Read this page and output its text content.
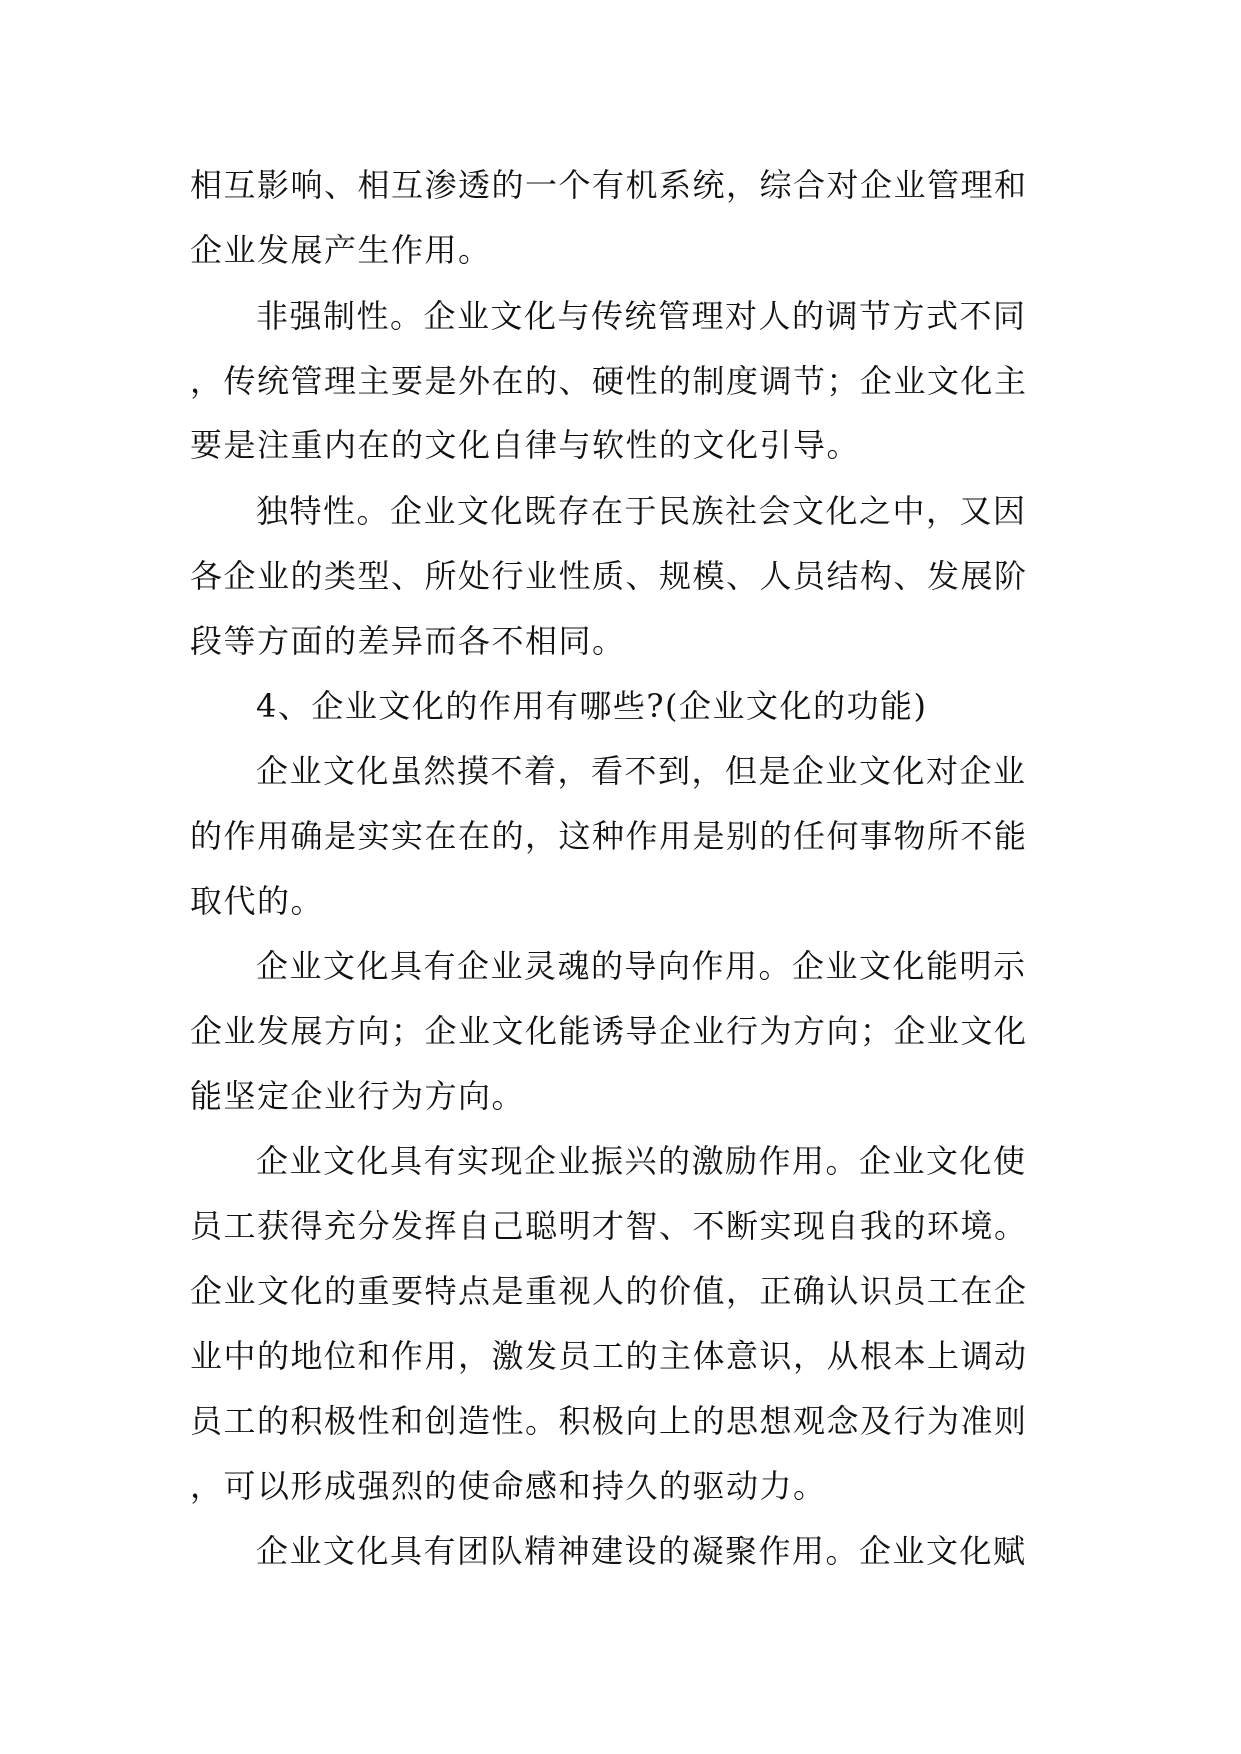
相互影响、相互渗透的一个有机系统，综合对企业管理和
企业发展产生作用。
非强制性。企业文化与传统管理对人的调节方式不同
，传统管理主要是外在的、硬性的制度调节；企业文化主
要是注重内在的文化自律与软性的文化引导。
独特性。企业文化既存在于民族社会文化之中，又因
各企业的类型、所处行业性质、规模、人员结构、发展阶
段等方面的差异而各不相同。
4、企业文化的作用有哪些?(企业文化的功能)
企业文化虽然摸不着，看不到，但是企业文化对企业
的作用确是实实在在的，这种作用是别的任何事物所不能
取代的。
企业文化具有企业灵魂的导向作用。企业文化能明示
企业发展方向；企业文化能诱导企业行为方向；企业文化
能坚定企业行为方向。
企业文化具有实现企业振兴的激励作用。企业文化使
员工获得充分发挥自己聪明才智、不断实现自我的环境。
企业文化的重要特点是重视人的价值，正确认识员工在企
业中的地位和作用，激发员工的主体意识，从根本上调动
员工的积极性和创造性。积极向上的思想观念及行为准则
，可以形成强烈的使命感和持久的驱动力。
企业文化具有团队精神建设的凝聚作用。企业文化赋
